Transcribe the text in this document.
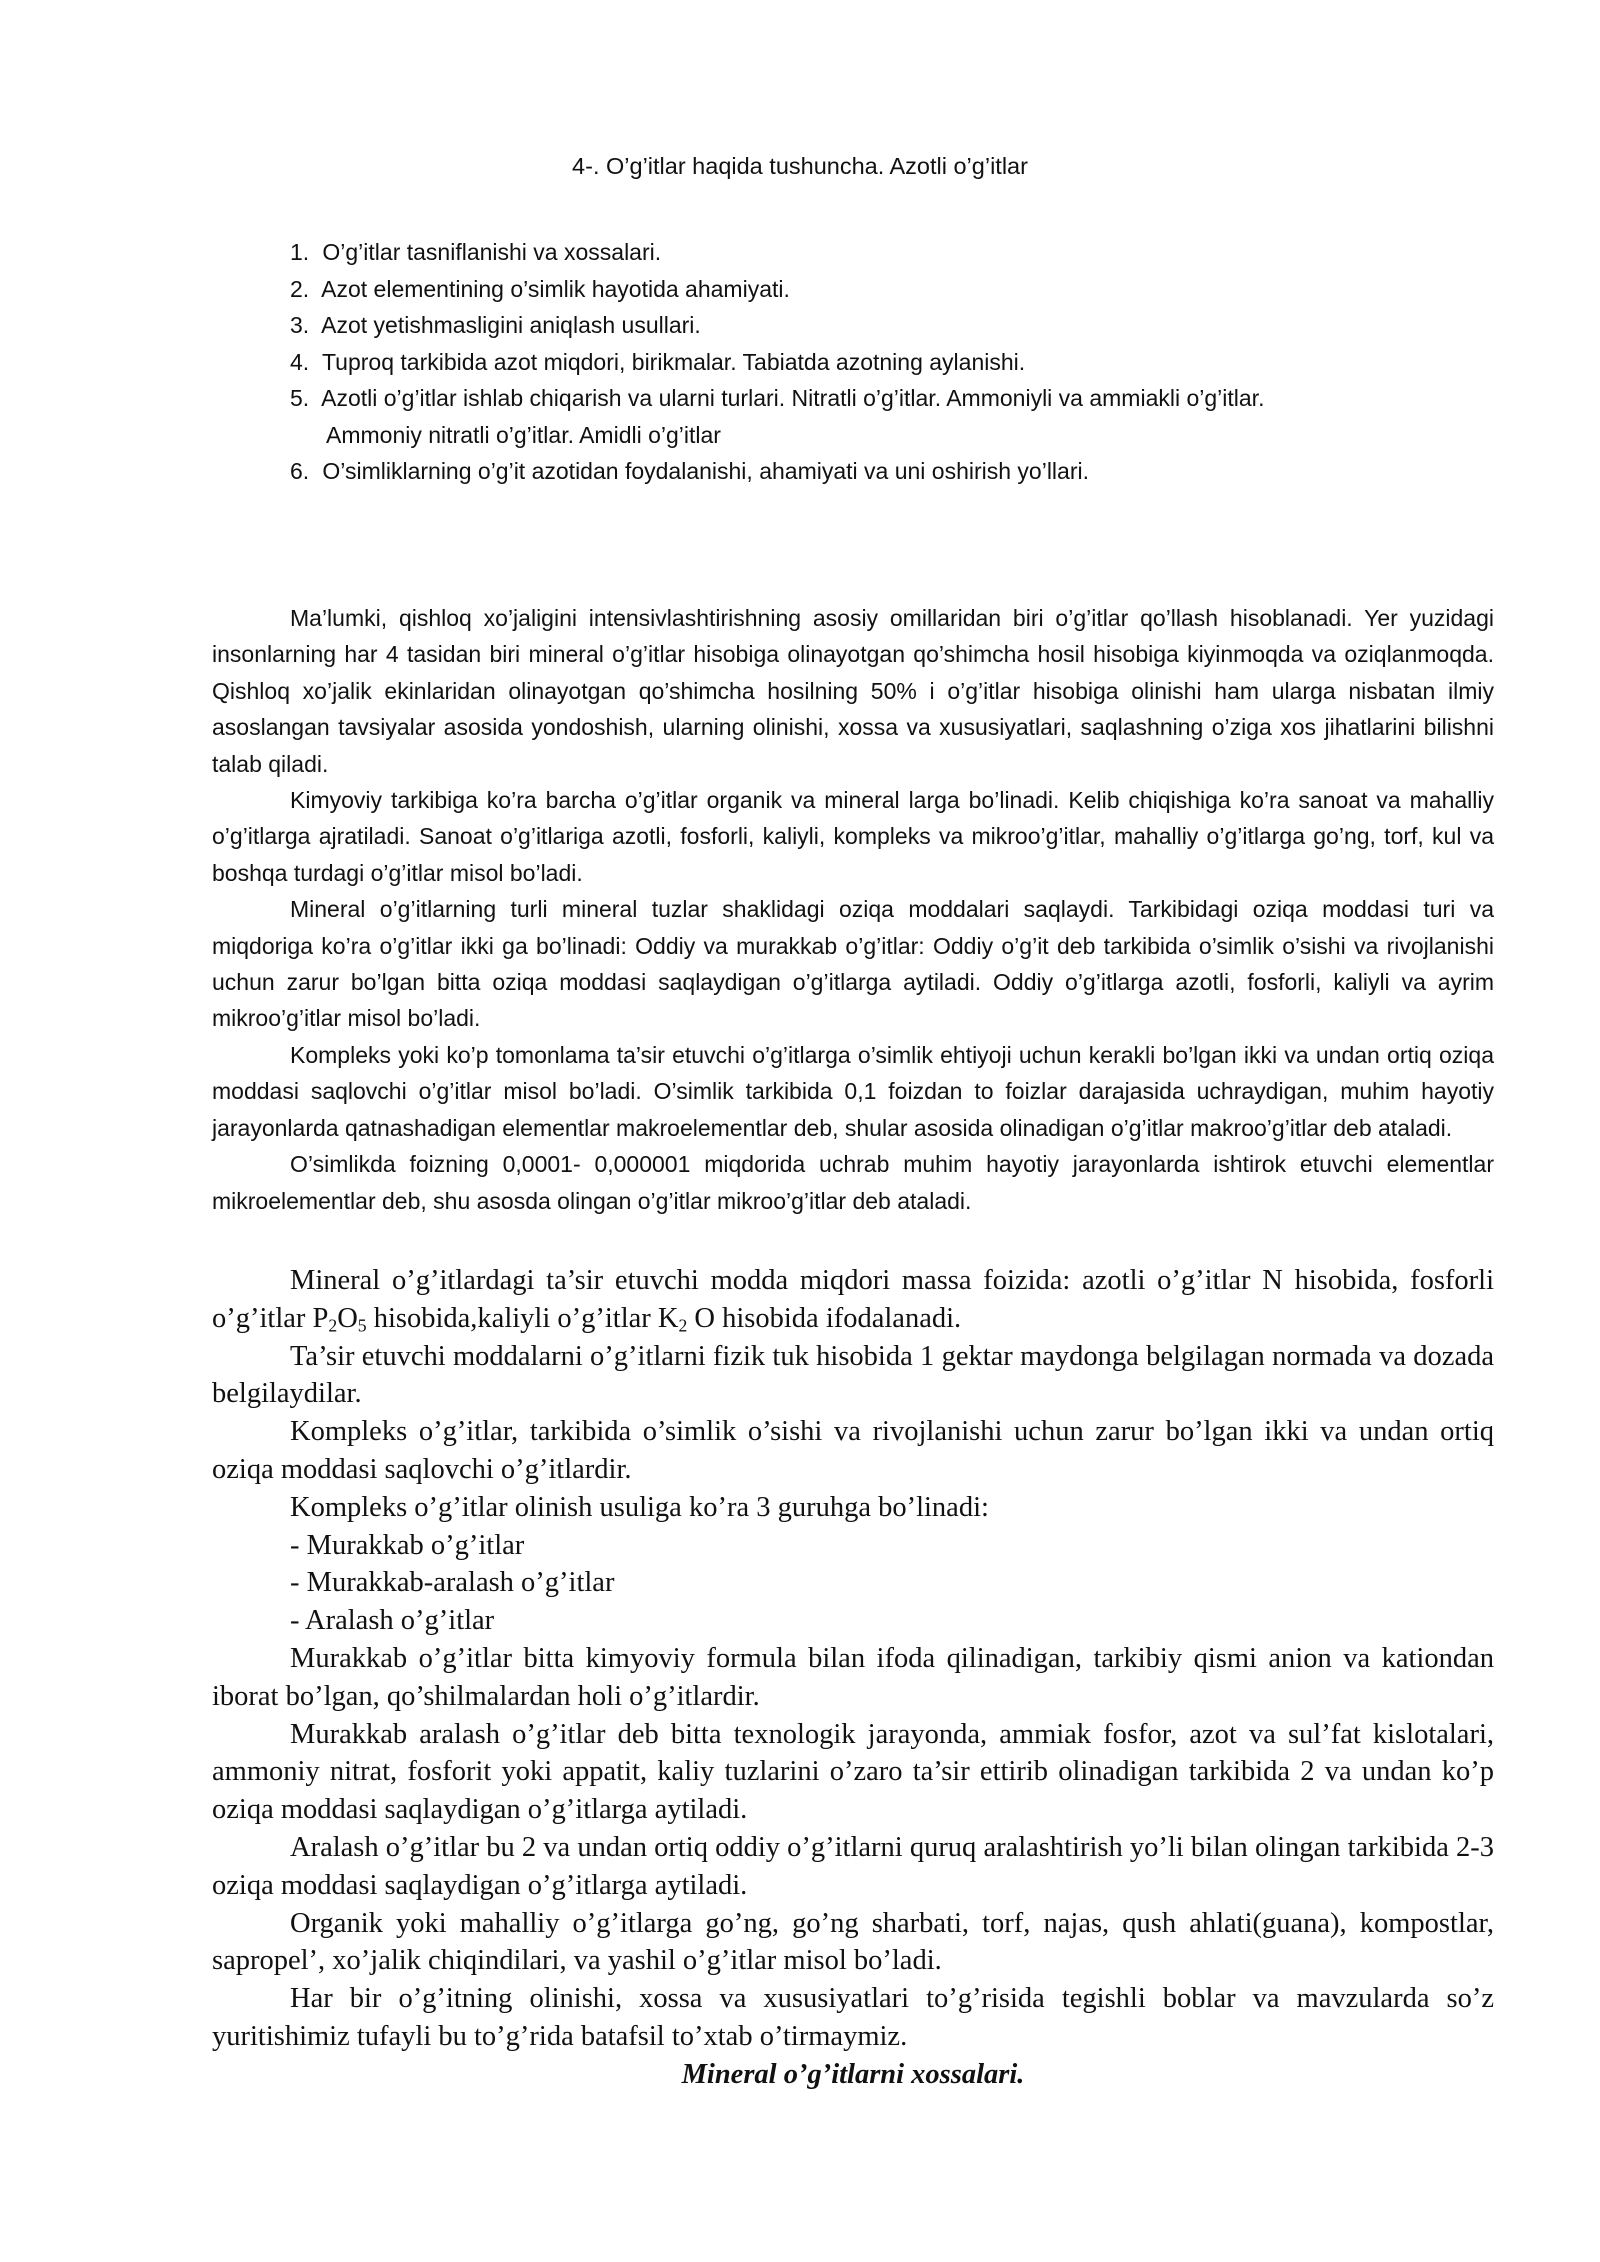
4-. O’g’itlar haqida tushuncha. Azotli o’g’itlar
1. O’g’itlar tasniflanishi va xossalari.
2. Azot elementining o’simlik hayotida ahamiyati.
3. Azot yetishmasligini aniqlash usullari.
4. Tuproq tarkibida azot miqdori, birikmalar. Tabiatda azotning aylanishi.
5. Azotli o’g’itlar ishlab chiqarish va ularni turlari. Nitratli o’g’itlar. Ammoniyli va ammiakli o’g’itlar.
Ammoniy nitratli o’g’itlar. Amidli o’g’itlar
6. O’simliklarning o’g’it azotidan foydalanishi, ahamiyati va uni oshirish yo’llari.

Ma’lumki, qishloq xo’jaligini intensivlashtirishning asosiy omillaridan biri o’g’itlar qo’llash hisoblanadi. Yer yuzidagi insonlarning har 4 tasidan biri mineral o’g’itlar hisobiga olinayotgan qo’shimcha hosil hisobiga kiyinmoqda va oziqlanmoqda. Qishloq xo’jalik ekinlaridan olinayotgan qo’shimcha hosilning 50% i o’g’itlar hisobiga olinishi ham ularga nisbatan ilmiy asoslangan tavsiyalar asosida yondoshish, ularning olinishi, xossa va xususiyatlari, saqlashning o’ziga xos jihatlarini bilishni talab qiladi.

Kimyoviy tarkibiga ko’ra barcha o’g’itlar organik va mineral larga bo’linadi. Kelib chiqishiga ko’ra sanoat va mahalliy o’g’itlarga ajratiladi. Sanoat o’g’itlariga azotli, fosforli, kaliyli, kompleks va mikroo’g’itlar, mahalliy o’g’itlarga go’ng, torf, kul va boshqa turdagi o’g’itlar misol bo’ladi.

Mineral o’g’itlarning turli mineral tuzlar shaklidagi oziqa moddalari saqlaydi. Tarkibidagi oziqa moddasi turi va miqdoriga ko’ra o’g’itlar ikki ga bo’linadi: Oddiy va murakkab o’g’itlar: Oddiy o’g’it deb tarkibida o’simlik o’sishi va rivojlanishi uchun zarur bo’lgan bitta oziqa moddasi saqlaydigan o’g’itlarga aytiladi. Oddiy o’g’itlarga azotli, fosforli, kaliyli va ayrim mikroo’g’itlar misol bo’ladi.

Kompleks yoki ko’p tomonlama ta’sir etuvchi o’g’itlarga o’simlik ehtiyoji uchun kerakli bo’lgan ikki va undan ortiq oziqa moddasi saqlovchi o’g’itlar misol bo’ladi. O’simlik tarkibida 0,1 foizdan to foizlar darajasida uchraydigan, muhim hayotiy jarayonlarda qatnashadigan elementlar makroelementlar deb, shular asosida olinadigan o’g’itlar makroo’g’itlar deb ataladi.

O’simlikda foizning 0,0001- 0,000001 miqdorida uchrab muhim hayotiy jarayonlarda ishtirok etuvchi elementlar mikroelementlar deb, shu asosda olingan o’g’itlar mikroo’g’itlar deb ataladi.

Mineral o’g’itlardagi ta’sir etuvchi modda miqdori massa foizida: azotli o’g’itlar N hisobida, fosforli o’g’itlar $P_2O_5$ hisobida,kaliyli o’g’itlar $K_2$ O hisobida ifodalanadi.

Ta’sir etuvchi moddalarni o’g’itlarni fizik tuk hisobida 1 gektar maydonga belgilagan normada va dozada belgilaydilar.

Kompleks o’g’itlar, tarkibida o’simlik o’sishi va rivojlanishi uchun zarur bo’lgan ikki va undan ortiq oziqa moddasi saqlovchi o’g’itlardir.

Kompleks o’g’itlar olinish usuliga ko’ra 3 guruhga bo’linadi:

- Murakkab o’g’itlar

- Murakkab-aralash o’g’itlar

- Aralash o’g’itlar

Murakkab o’g’itlar bitta kimyoviy formula bilan ifoda qilinadigan, tarkibiy qismi anion va kationdan iborat bo’lgan, qo’shilmalardan holi o’g’itlardir.

Murakkab aralash o’g’itlar deb bitta texnologik jarayonda, ammiak fosfor, azot va sul’fat kislotalari, ammoniy nitrat, fosforit yoki appatit, kaliy tuzlarini o’zaro ta’sir ettirib olinadigan tarkibida 2 va undan ko’p oziqa moddasi saqlaydigan o’g’itlarga aytiladi.

Aralash o’g’itlar bu 2 va undan ortiq oddiy o’g’itlarni quruq aralashtirish yo’li bilan olingan tarkibida 2-3 oziqa moddasi saqlaydigan o’g’itlarga aytiladi.

Organik yoki mahalliy o’g’itlarga go’ng, go’ng sharbati, torf, najas, qush ahlati(guana), kompostlar, sapropel’, xo’jalik chiqindilari, va yashil o’g’itlar misol bo’ladi.

Har bir o’g’itning olinishi, xossa va xususiyatlari to’g’risida tegishli boblar va mavzularda so’z yuritishimiz tufayli bu to’g’rida batafsil to’xtab o’tirmaymiz.

Mineral o’g’itlarni xossalari.
